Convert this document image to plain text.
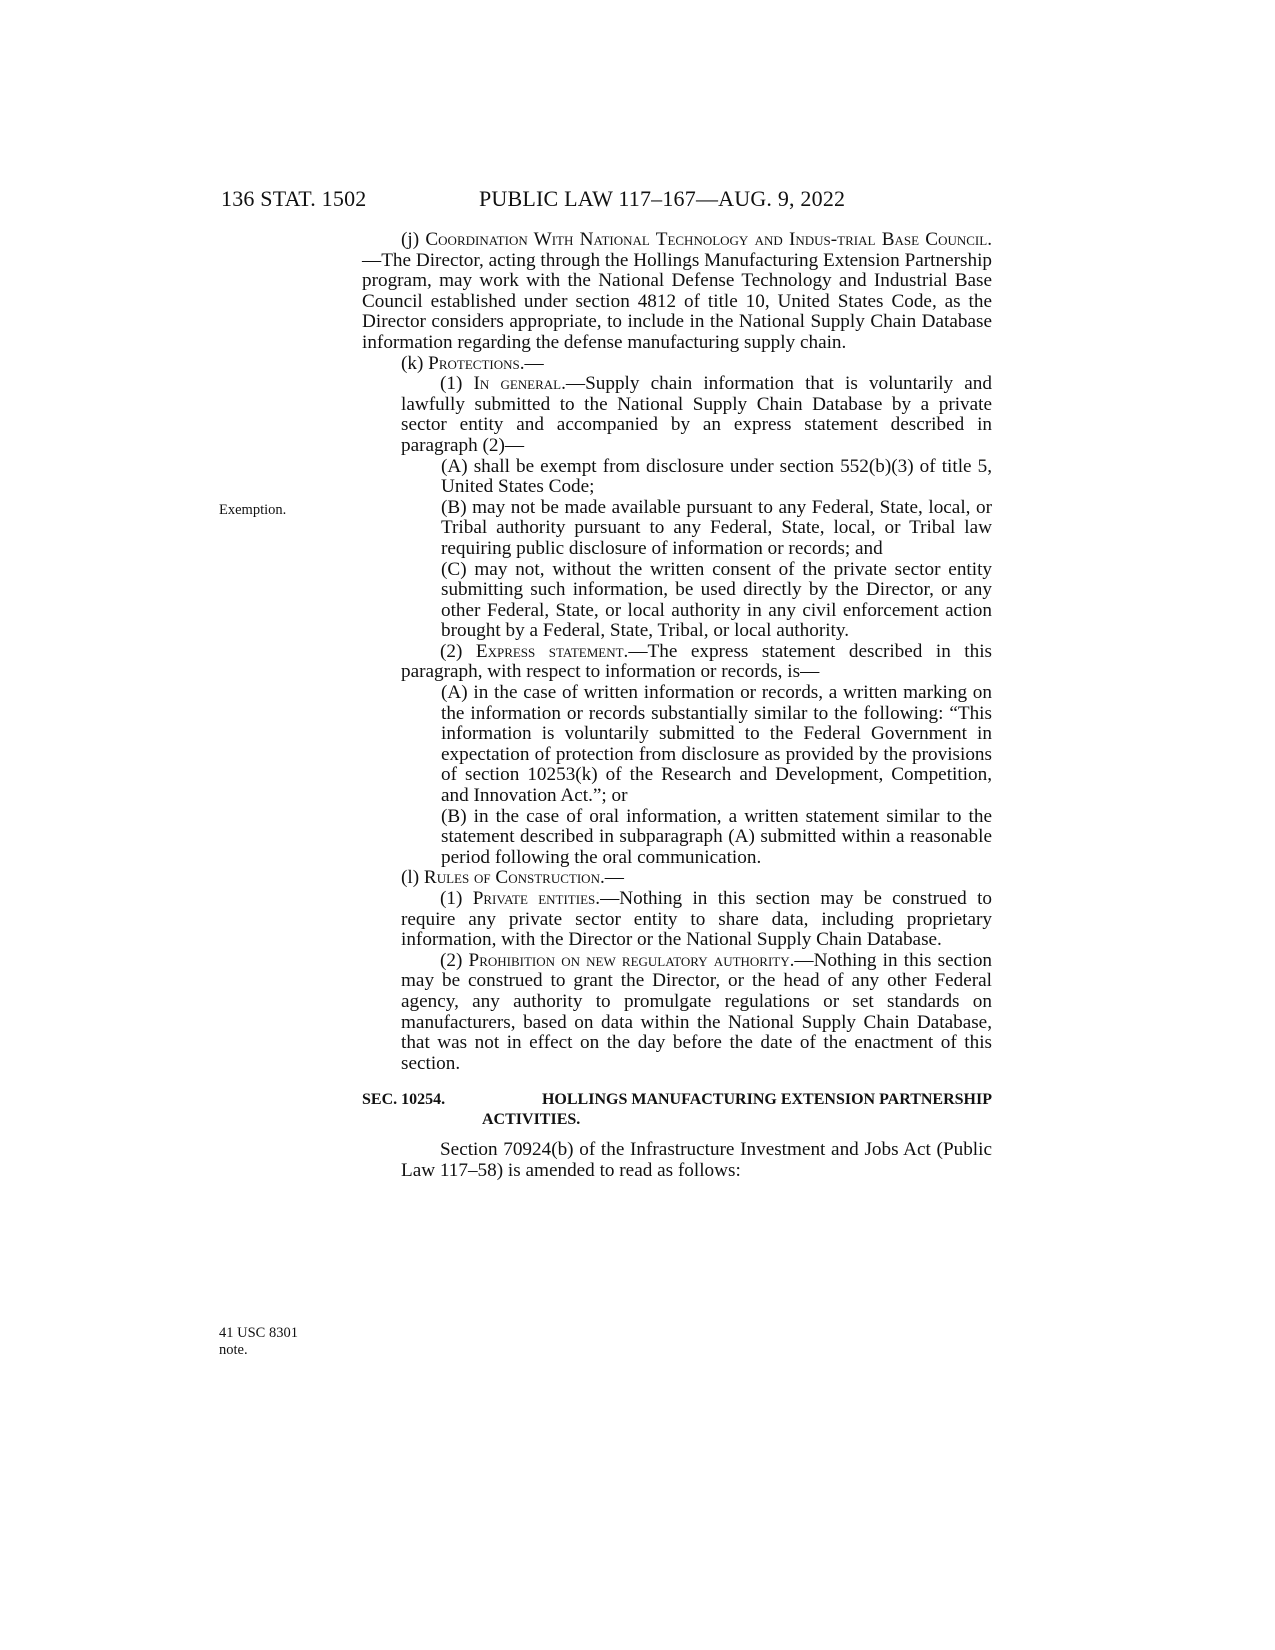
136 STAT. 1502	PUBLIC LAW 117–167—AUG. 9, 2022
Exemption.
41 USC 8301
note.

(j) Coordination With National Technology and Indus-trial Base Council.—The Director, acting through the Hollings Manufacturing Extension Partnership program, may work with the National Defense Technology and Industrial Base Council established under section 4812 of title 10, United States Code, as the Director considers appropriate, to include in the National Supply Chain Database information regarding the defense manufacturing supply chain.

(k) Protections.—

(1) In general.—Supply chain information that is voluntarily and lawfully submitted to the National Supply Chain Database by a private sector entity and accompanied by an express statement described in paragraph (2)—

(A) shall be exempt from disclosure under section 552(b)(3) of title 5, United States Code;

(B) may not be made available pursuant to any Federal, State, local, or Tribal authority pursuant to any Federal, State, local, or Tribal law requiring public disclosure of information or records; and

(C) may not, without the written consent of the private sector entity submitting such information, be used directly by the Director, or any other Federal, State, or local authority in any civil enforcement action brought by a Federal, State, Tribal, or local authority.

(2) Express statement.—The express statement described in this paragraph, with respect to information or records, is—

(A) in the case of written information or records, a written marking on the information or records substantially similar to the following: “This information is voluntarily submitted to the Federal Government in expectation of protection from disclosure as provided by the provisions of section 10253(k) of the Research and Development, Competition, and Innovation Act.”; or

(B) in the case of oral information, a written statement similar to the statement described in subparagraph (A) submitted within a reasonable period following the oral communication.

(l) Rules of Construction.—

(1) Private entities.—Nothing in this section may be construed to require any private sector entity to share data, including proprietary information, with the Director or the National Supply Chain Database.

(2) Prohibition on new regulatory authority.—Nothing in this section may be construed to grant the Director, or the head of any other Federal agency, any authority to promulgate regulations or set standards on manufacturers, based on data within the National Supply Chain Database, that was not in effect on the day before the date of the enactment of this section.

SEC. 10254.	HOLLINGS MANUFACTURING EXTENSION PARTNERSHIP
ACTIVITIES.

Section 70924(b) of the Infrastructure Investment and Jobs Act (Public Law 117–58) is amended to read as follows:
